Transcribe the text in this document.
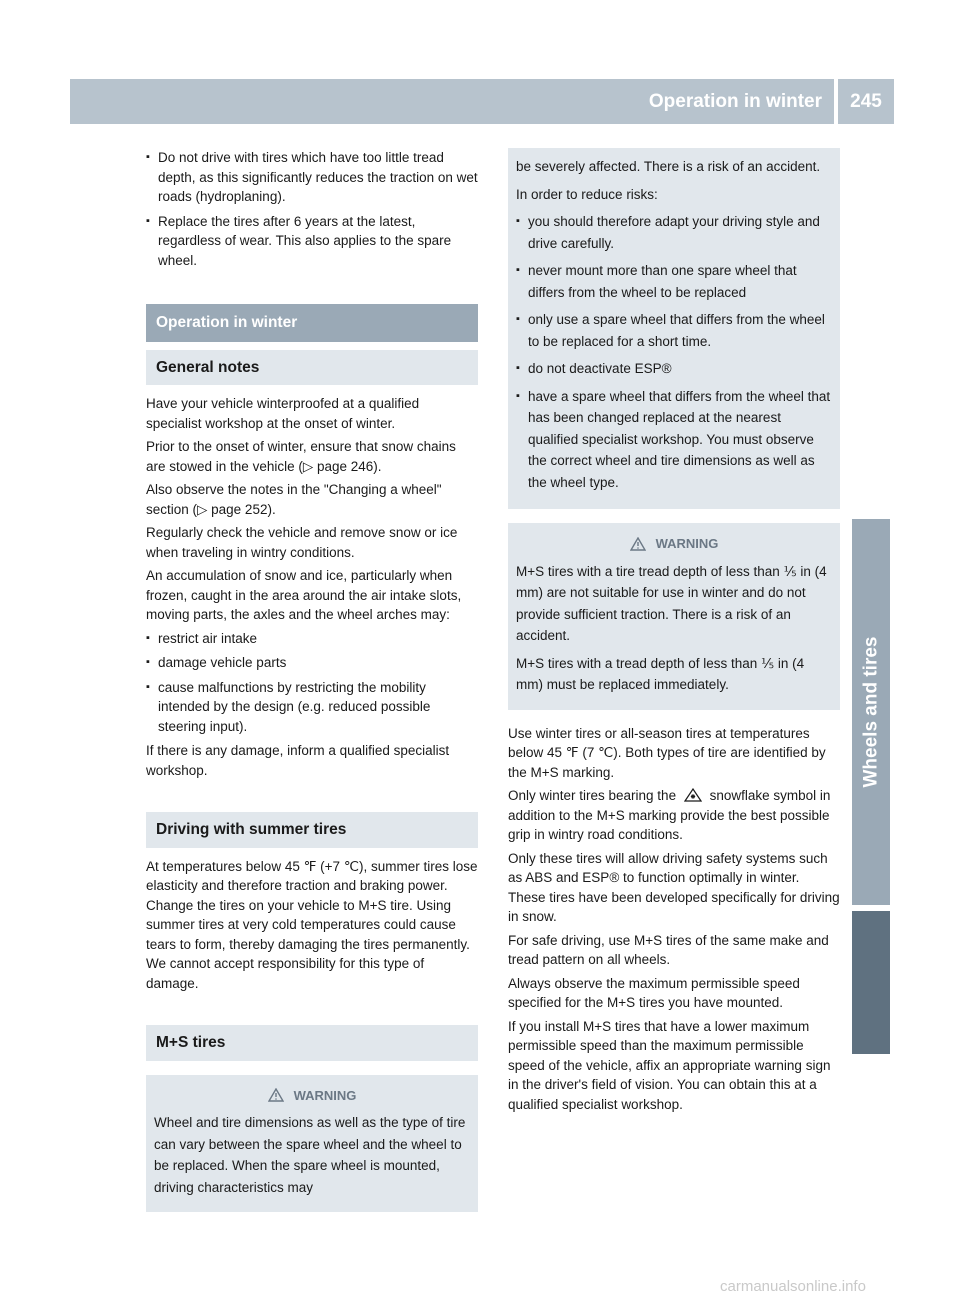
Operation in winter	245
Wheels and tires
▪ Do not drive with tires which have too little tread depth, as this significantly reduces the traction on wet roads (hydroplaning).
▪ Replace the tires after 6 years at the latest, regardless of wear. This also applies to the spare wheel.
Operation in winter
General notes

Have your vehicle winterproofed at a qualified specialist workshop at the onset of winter.

Prior to the onset of winter, ensure that snow chains are stowed in the vehicle (▷ page 246).

Also observe the notes in the "Changing a wheel" section (▷ page 252).

Regularly check the vehicle and remove snow or ice when traveling in wintry conditions.

An accumulation of snow and ice, particularly when frozen, caught in the area around the air intake slots, moving parts, the axles and the wheel arches may:

▪ restrict air intake
▪ damage vehicle parts
▪ cause malfunctions by restricting the mobility intended by the design (e.g. reduced possible steering input).

If there is any damage, inform a qualified specialist workshop.

Driving with summer tires

At temperatures below 45 ℉ (+7 ℃), summer tires lose elasticity and therefore traction and braking power. Change the tires on your vehicle to M+S tire. Using summer tires at very cold temperatures could cause tears to form, thereby damaging the tires permanently. We cannot accept responsibility for this type of damage.

M+S tires
WARNING

Wheel and tire dimensions as well as the type of tire can vary between the spare wheel and the wheel to be replaced. When the spare wheel is mounted, driving characteristics may

be severely affected. There is a risk of an accident.

In order to reduce risks:

▪ you should therefore adapt your driving style and drive carefully.
▪ never mount more than one spare wheel that differs from the wheel to be replaced
▪ only use a spare wheel that differs from the wheel to be replaced for a short time.
▪ do not deactivate ESP®
▪ have a spare wheel that differs from the wheel that has been changed replaced at the nearest qualified specialist workshop. You must observe the correct wheel and tire dimensions as well as the wheel type.
WARNING

M+S tires with a tire tread depth of less than ⅕ in (4 mm) are not suitable for use in winter and do not provide sufficient traction. There is a risk of an accident.

M+S tires with a tread depth of less than ⅕ in (4 mm) must be replaced immediately.

Use winter tires or all-season tires at temperatures below 45 ℉ (7 ℃). Both types of tire are identified by the M+S marking.

Only winter tires bearing the snowflake symbol in addition to the M+S marking provide the best possible grip in wintry road conditions.

Only these tires will allow driving safety systems such as ABS and ESP® to function optimally in winter. These tires have been developed specifically for driving in snow.

For safe driving, use M+S tires of the same make and tread pattern on all wheels.

Always observe the maximum permissible speed specified for the M+S tires you have mounted.

If you install M+S tires that have a lower maximum permissible speed than the maximum permissible speed of the vehicle, affix an appropriate warning sign in the driver's field of vision. You can obtain this at a qualified specialist workshop.

carmanualsonline.info
